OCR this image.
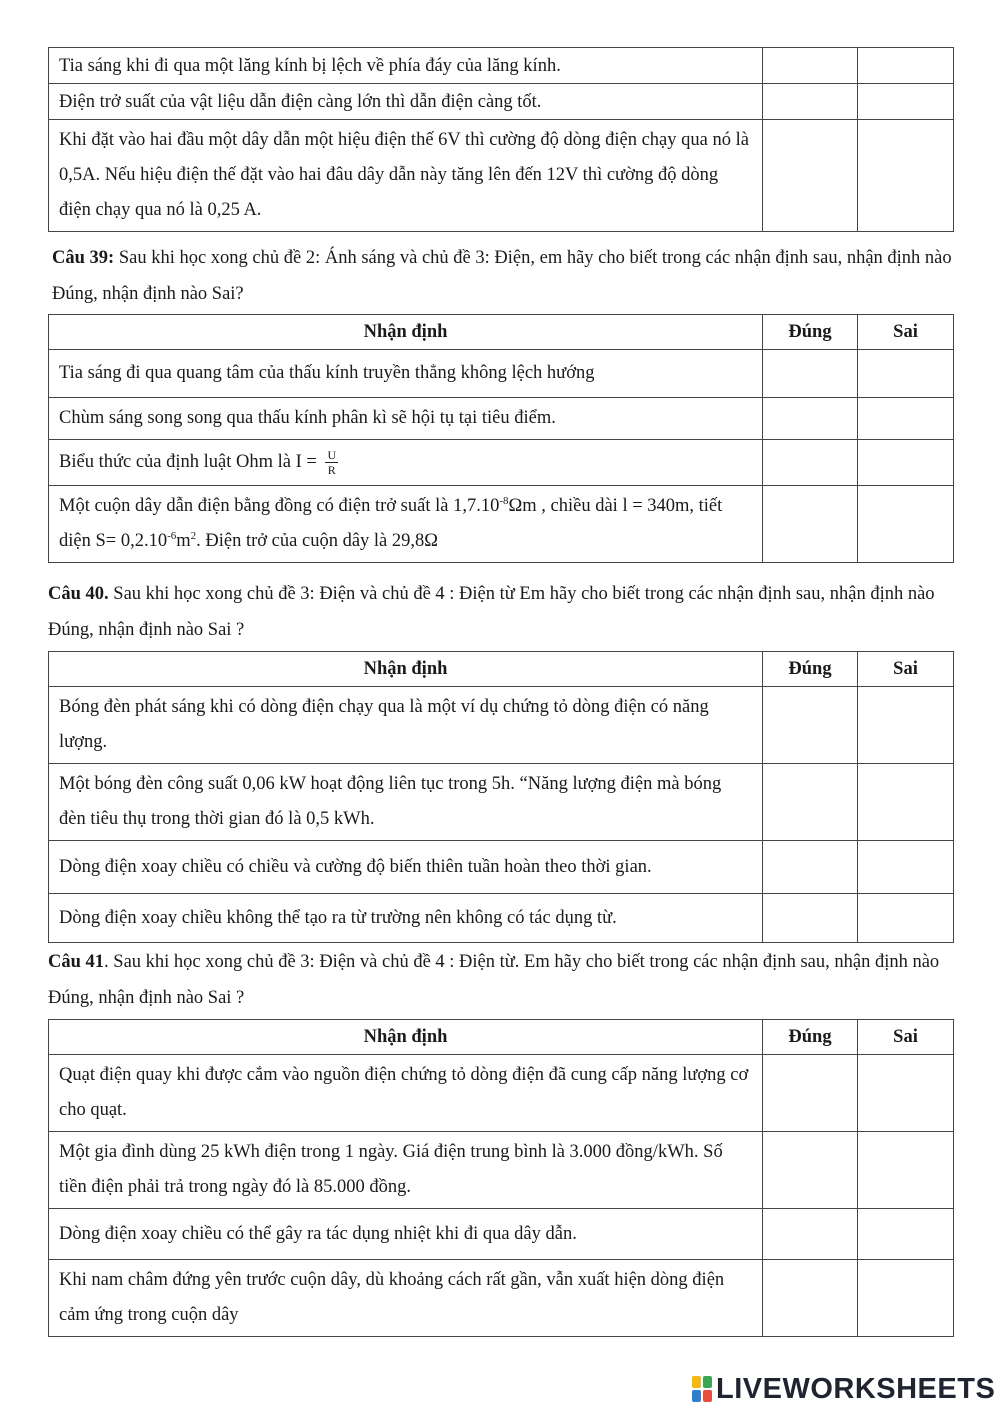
Tia sáng khi đi qua một lăng kính bị lệch về phía đáy của lăng kính.		
Điện trở suất của vật liệu dẫn điện càng lớn thì dẫn điện càng tốt.		
Khi đặt vào hai đầu một dây dẫn một hiệu điện thế 6V thì cường độ dòng điện chạy qua nó là 0,5A. Nếu hiệu điện thế đặt vào hai đâu dây dẫn này tăng lên đến 12V thì cường độ dòng điện chạy qua nó là 0,25 A.		
Câu 39: Sau khi học xong chủ đề 2: Ánh sáng và chủ đề 3: Điện, em hãy cho biết trong các nhận định sau, nhận định nào Đúng, nhận định nào Sai?
Nhận định	Đúng	Sai
Tia sáng đi qua quang tâm của thấu kính truyền thẳng không lệch hướng		
Chùm sáng song song qua thấu kính phân kì sẽ hội tụ tại tiêu điểm.		
Biểu thức của định luật Ohm là $I = \frac{U}{R}$

Một cuộn dây dẫn điện bằng đồng có điện trở suất là $1,7.10^{-8}\Omega m$ , chiều dài l = 340m, tiết diện $S= 0,2.10^{-6}m^2$. Điện trở của cuộn dây là 29,8Ω		
Câu 40. Sau khi học xong chủ đề 3: Điện và chủ đề 4 : Điện từ Em hãy cho biết trong các nhận định sau, nhận định nào Đúng, nhận định nào Sai ?
Nhận định	Đúng	Sai
Bóng đèn phát sáng khi có dòng điện chạy qua là một ví dụ chứng tỏ dòng điện có năng lượng.		
Một bóng đèn công suất 0,06 kW hoạt động liên tục trong 5h. “Năng lượng điện mà bóng đèn tiêu thụ trong thời gian đó là 0,5 kWh.		
Dòng điện xoay chiều có chiều và cường độ biến thiên tuần hoàn theo thời gian.		
Dòng điện xoay chiều không thể tạo ra từ trường nên không có tác dụng từ.		
Câu 41. Sau khi học xong chủ đề 3: Điện và chủ đề 4 : Điện từ. Em hãy cho biết trong các nhận định sau, nhận định nào Đúng, nhận định nào Sai ?
Nhận định	Đúng	Sai
Quạt điện quay khi được cắm vào nguồn điện chứng tỏ dòng điện đã cung cấp năng lượng cơ cho quạt.		
Một gia đình dùng 25 kWh điện trong 1 ngày. Giá điện trung bình là 3.000 đồng/kWh. Số tiền điện phải trả trong ngày đó là 85.000 đồng.		
Dòng điện xoay chiều có thể gây ra tác dụng nhiệt khi đi qua dây dẫn.		
Khi nam châm đứng yên trước cuộn dây, dù khoảng cách rất gần, vẫn xuất hiện dòng điện cảm ứng trong cuộn dây		
LIVEWORKSHEETS
